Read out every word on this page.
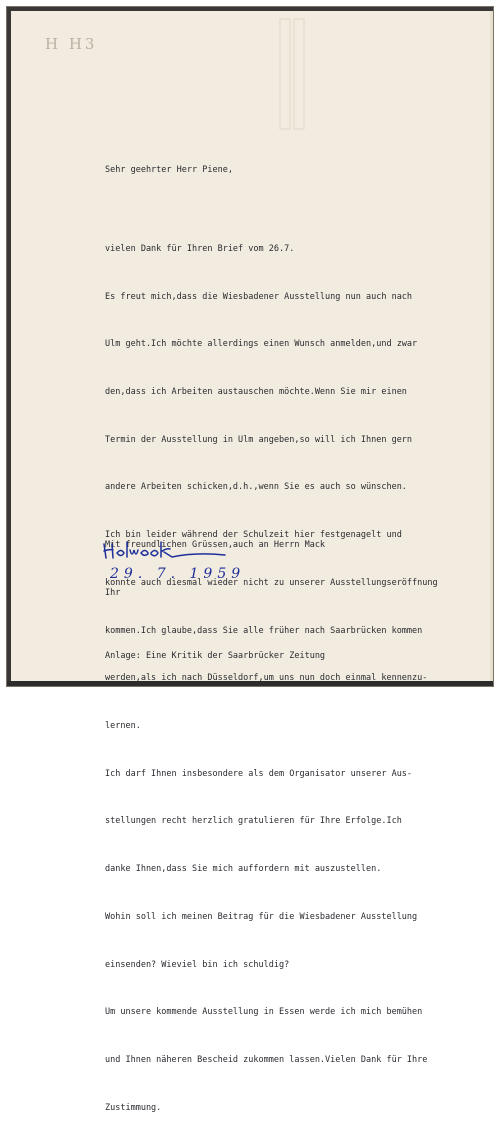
H H3
Sehr geehrter Herr Piene,

vielen Dank für Ihren Brief vom 26.7.

Es freut mich,dass die Wiesbadener Ausstellung nun auch nach

Ulm geht.Ich möchte allerdings einen Wunsch anmelden,und zwar

den,dass ich Arbeiten austauschen möchte.Wenn Sie mir einen

Termin der Ausstellung in Ulm angeben,so will ich Ihnen gern

andere Arbeiten schicken,d.h.,wenn Sie es auch so wünschen.

Ich bin leider während der Schulzeit hier festgenagelt und

konnte auch diesmal wieder nicht zu unserer Ausstellungseröffnung

kommen.Ich glaube,dass Sie alle früher nach Saarbrücken kommen

werden,als ich nach Düsseldorf,um uns nun doch einmal kennenzu-

lernen.

Ich darf Ihnen insbesondere als dem Organisator unserer Aus-

stellungen recht herzlich gratulieren für Ihre Erfolge.Ich

danke Ihnen,dass Sie mich auffordern mit auszustellen.

Wohin soll ich meinen Beitrag für die Wiesbadener Ausstellung

einsenden? Wieviel bin ich schuldig?

Um unsere kommende Ausstellung in Essen werde ich mich bemühen

und Ihnen näheren Bescheid zukommen lassen.Vielen Dank für Ihre

Zustimmung.

Mit freundlichen Grüssen,auch an Herrn Mack

Ihr

29. 7. 1959
Anlage: Eine Kritik der Saarbrücker Zeitung
